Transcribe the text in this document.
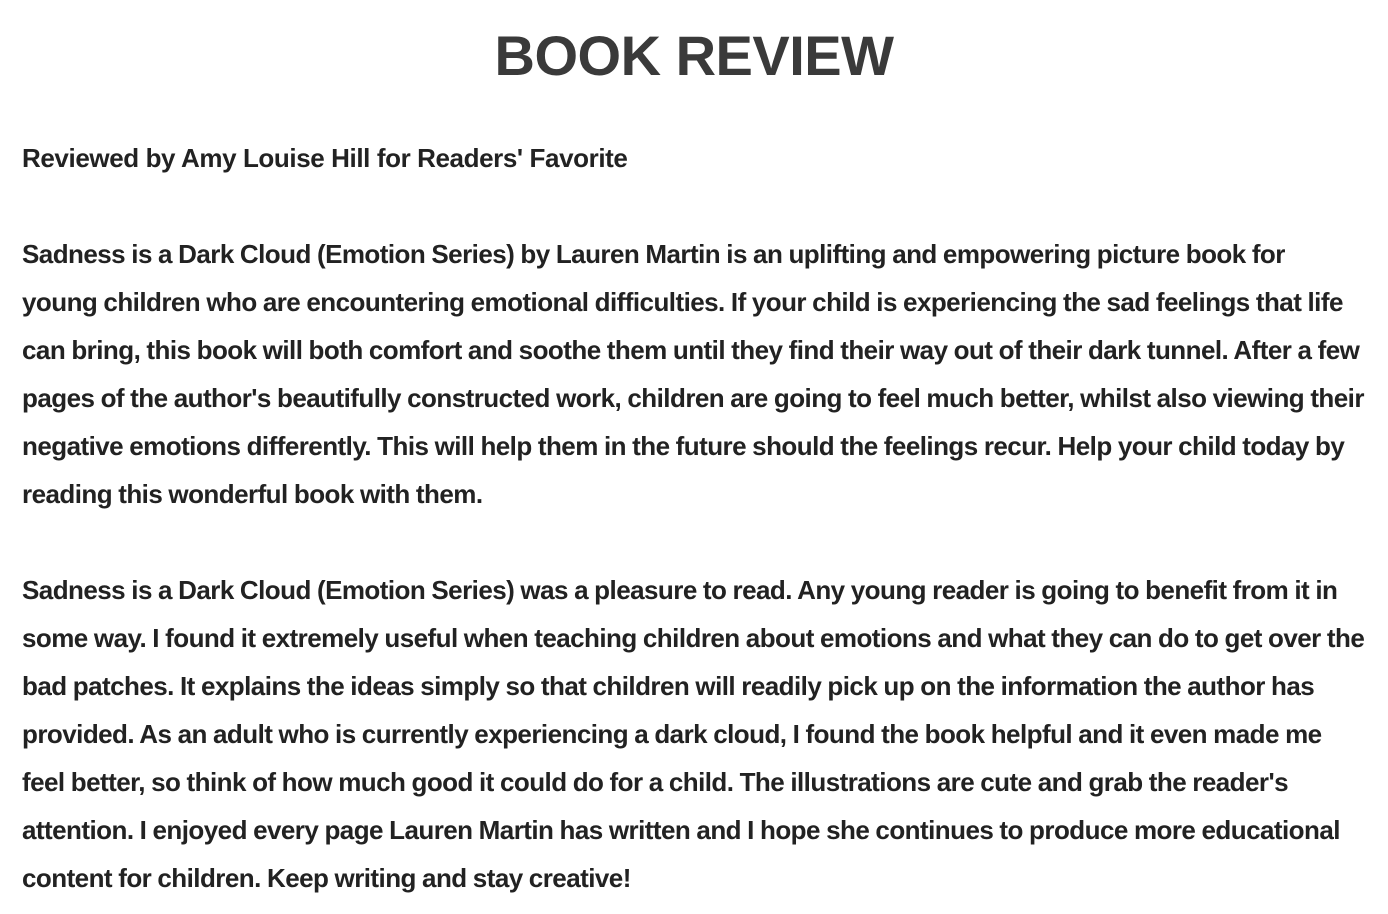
BOOK REVIEW

Reviewed by Amy Louise Hill for Readers' Favorite

Sadness is a Dark Cloud (Emotion Series) by Lauren Martin is an uplifting and empowering picture book for young children who are encountering emotional difficulties. If your child is experiencing the sad feelings that life can bring, this book will both comfort and soothe them until they find their way out of their dark tunnel. After a few pages of the author's beautifully constructed work, children are going to feel much better, whilst also viewing their negative emotions differently. This will help them in the future should the feelings recur. Help your child today by reading this wonderful book with them.

Sadness is a Dark Cloud (Emotion Series) was a pleasure to read. Any young reader is going to benefit from it in some way. I found it extremely useful when teaching children about emotions and what they can do to get over the bad patches. It explains the ideas simply so that children will readily pick up on the information the author has provided. As an adult who is currently experiencing a dark cloud, I found the book helpful and it even made me feel better, so think of how much good it could do for a child. The illustrations are cute and grab the reader's attention. I enjoyed every page Lauren Martin has written and I hope she continues to produce more educational content for children. Keep writing and stay creative!
